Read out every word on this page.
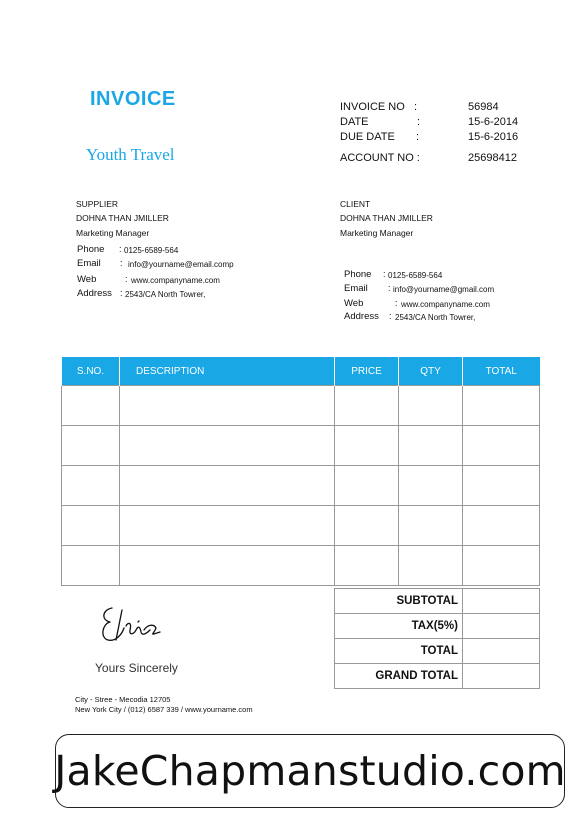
INVOICE
Youth Travel
INVOICE NO :	56984
DATE	:	15-6-2014
DUE DATE :	15-6-2016
ACCOUNT NO :	25698412
SUPPLIER
DOHNA THAN JMILLER
Marketing Manager
Phone : 0125-6589-564
Email : info@yourname@email.comp
Web	: www.companyname.com
Address : 2543/CA North Towrer,
CLIENT
DOHNA THAN JMILLER
Marketing Manager
Phone : 0125-6589-564
Email : info@yourname@gmail.com
Web	: www.companyname.com
Address : 2543/CA North Towrer,
S.NO.	DESCRIPTION	PRICE	QTY	TOTAL

SUBTOTAL	
TAX(5%)	
TOTAL	
GRAND TOTAL	
Yours Sincerely
City - Stree - Mecodia 12705
New York City / (012) 6587 339 / www.yourname.com
JakeChapmanstudio.com
